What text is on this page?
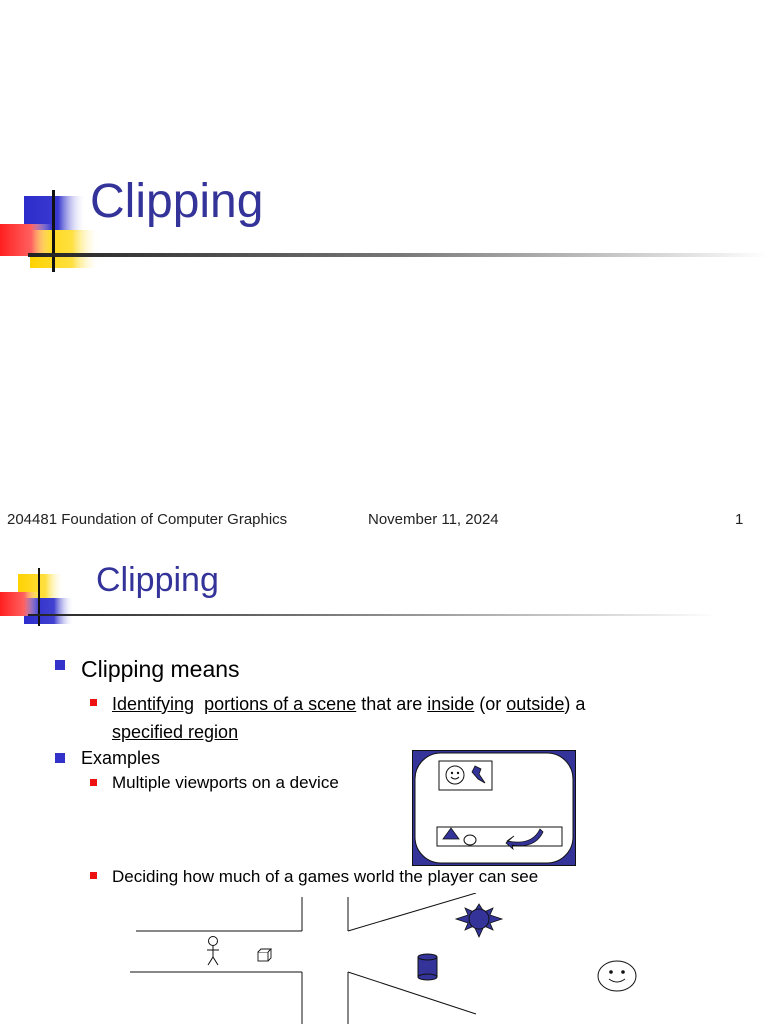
Clipping
204481 Foundation of Computer Graphics	November 11, 2024	1
Clipping
Clipping means
Identifying portions of a scene that are inside (or outside) a
specified region
Examples
Multiple viewports on a device
Deciding how much of a games world the player can see
